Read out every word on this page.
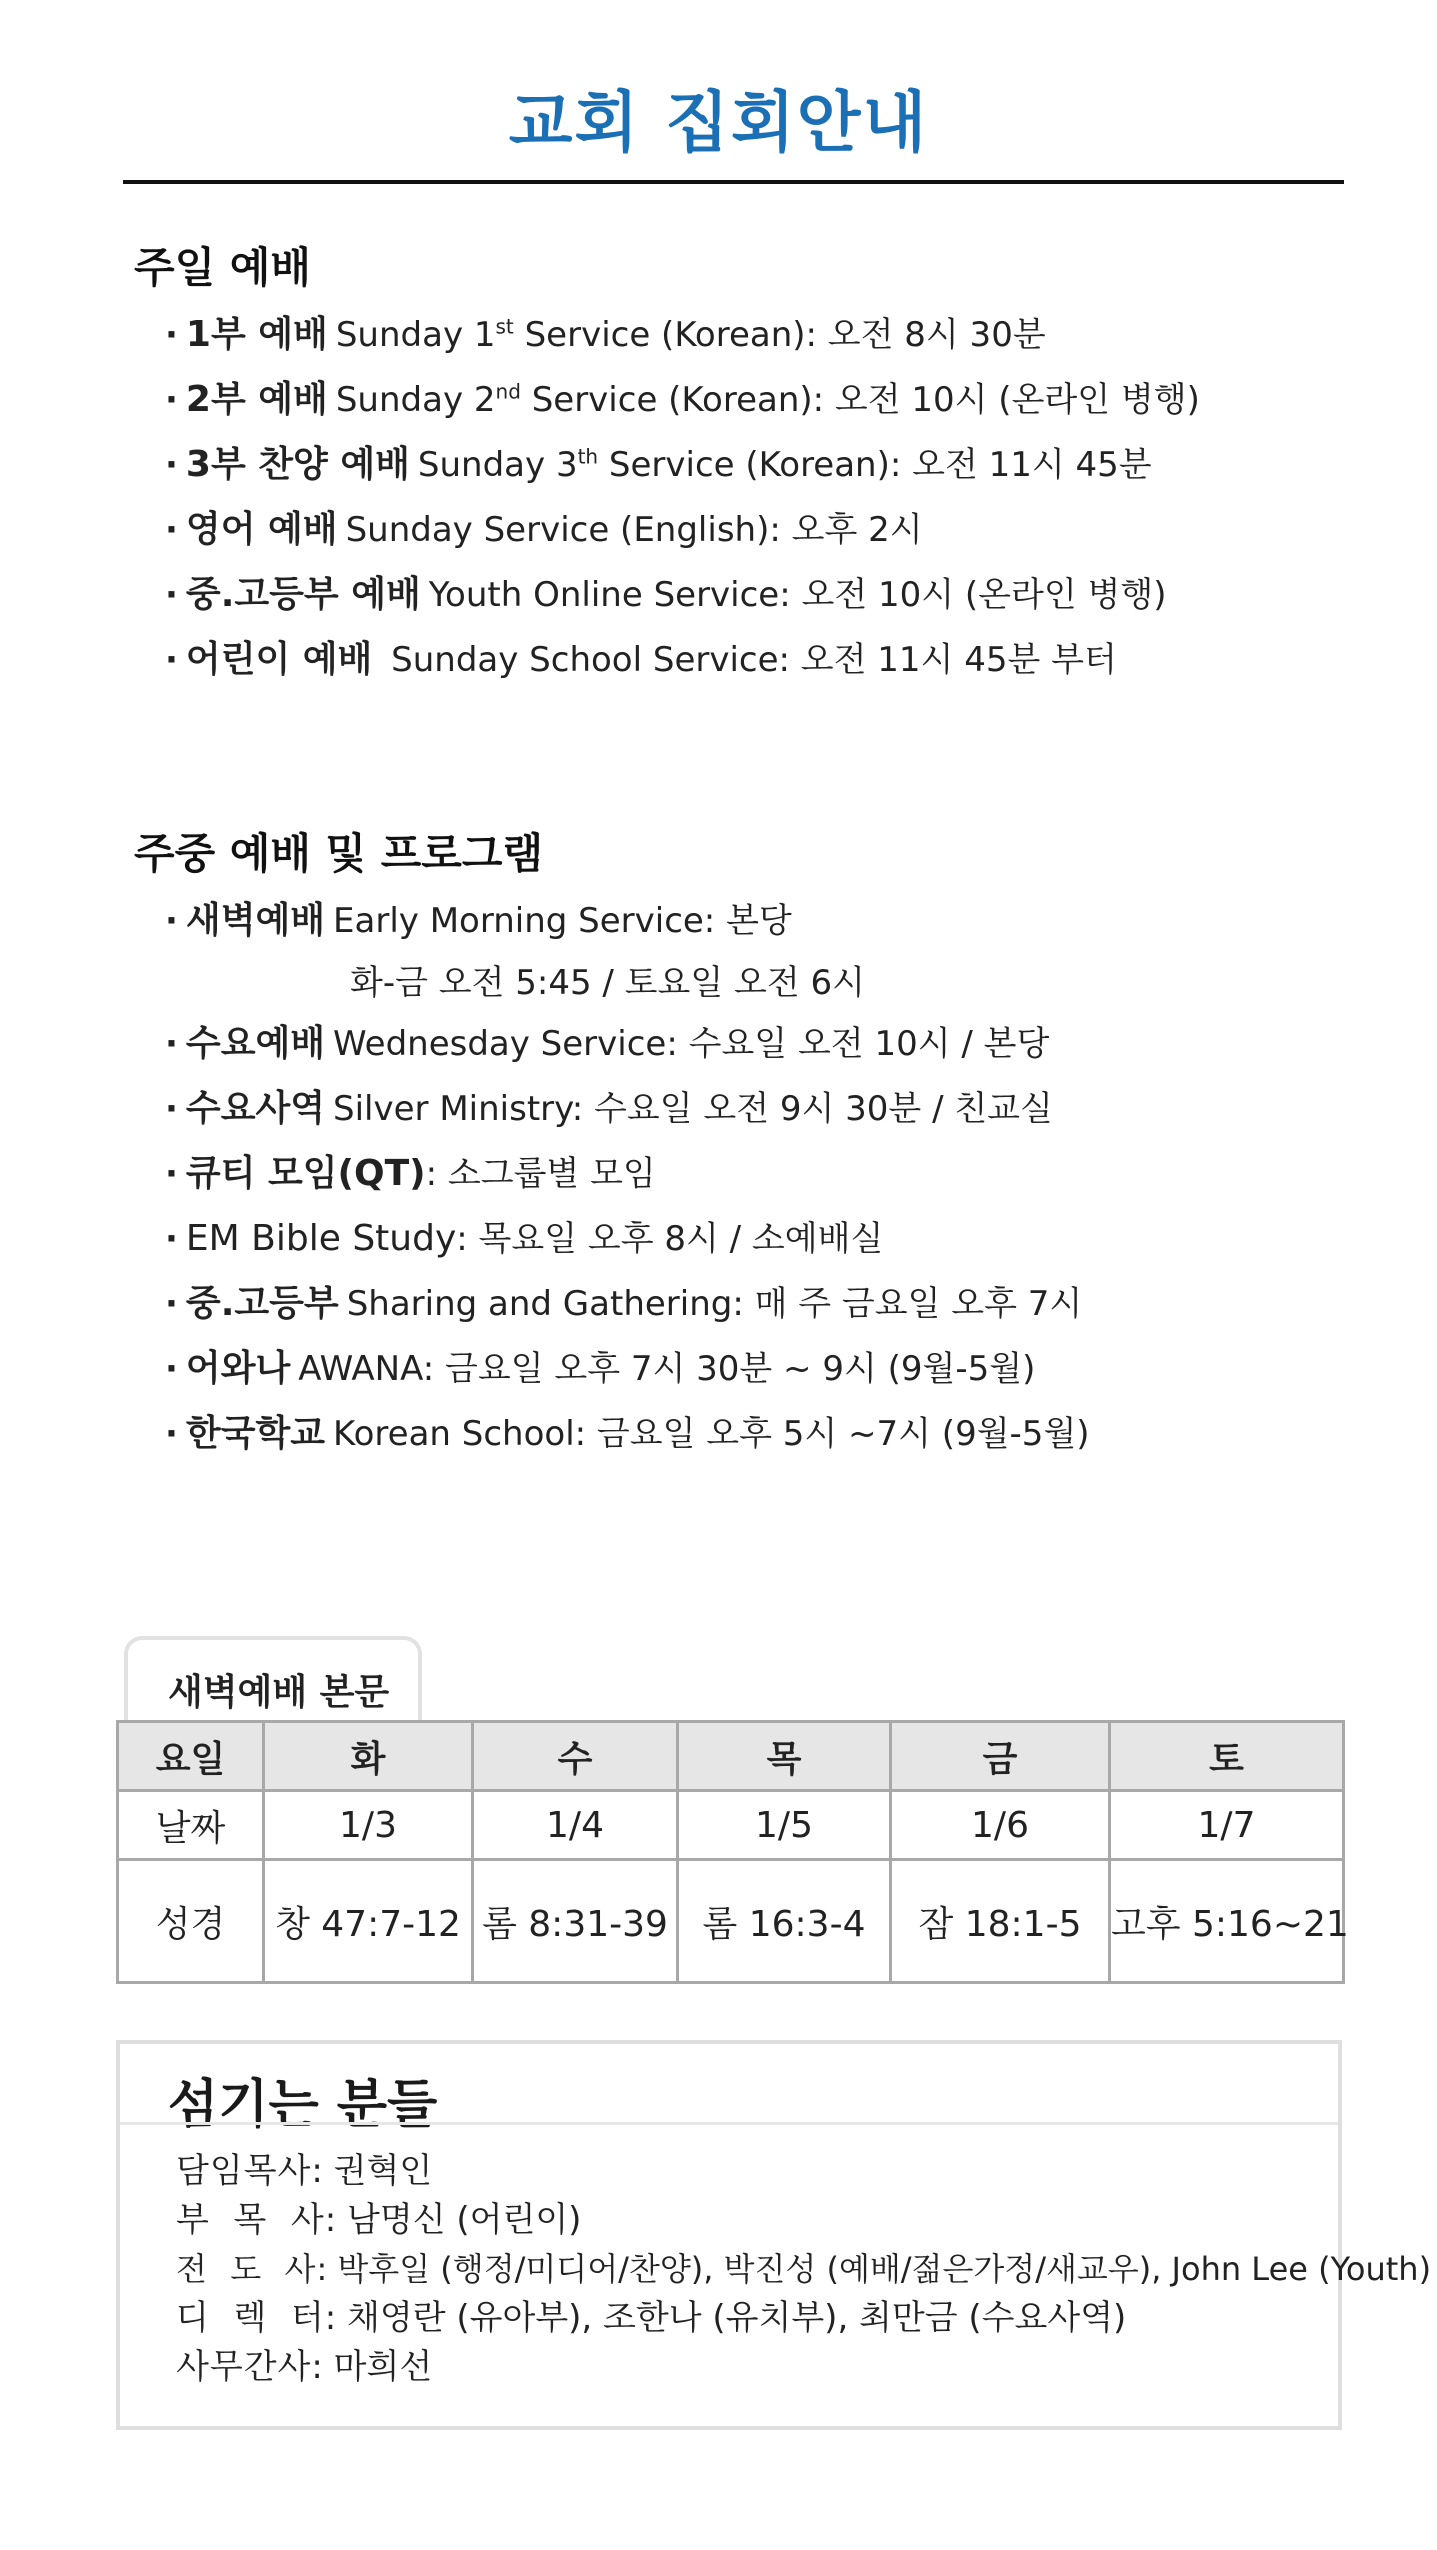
교회 집회안내
주일 예배
· 1부 예배 Sunday 1st Service (Korean): 오전 8시 30분
· 2부 예배 Sunday 2nd Service (Korean): 오전 10시 (온라인 병행)
· 3부 찬양 예배 Sunday 3th Service (Korean): 오전 11시 45분
· 영어 예배 Sunday Service (English): 오후 2시
· 중.고등부 예배 Youth Online Service: 오전 10시 (온라인 병행)
· 어린이 예배 Sunday School Service: 오전 11시 45분 부터
주중 예배 및 프로그램
· 새벽예배 Early Morning Service: 본당
화-금 오전 5:45 / 토요일 오전 6시
· 수요예배 Wednesday Service: 수요일 오전 10시 / 본당
· 수요사역 Silver Ministry: 수요일 오전 9시 30분 / 친교실
· 큐티 모임(QT): 소그룹별 모임
· EM Bible Study: 목요일 오후 8시 / 소예배실
· 중.고등부 Sharing and Gathering: 매 주 금요일 오후 7시
· 어와나 AWANA: 금요일 오후 7시 30분 ~ 9시 (9월-5월)
· 한국학교 Korean School: 금요일 오후 5시 ~7시 (9월-5월)
새벽예배 본문
요일	화	수	목	금	토
날짜	1/3	1/4	1/5	1/6	1/7
성경	창 47:7-12	롬 8:31-39	롬 16:3-4	잠 18:1-5	고후 5:16~21
섬기는 분들
담임목사: 권혁인
부  목  사: 남명신 (어린이)
전  도  사: 박후일 (행정/미디어/찬양), 박진성 (예배/젊은가정/새교우), John Lee (Youth)
디  렉  터: 채영란 (유아부), 조한나 (유치부), 최만금 (수요사역)
사무간사: 마희선
